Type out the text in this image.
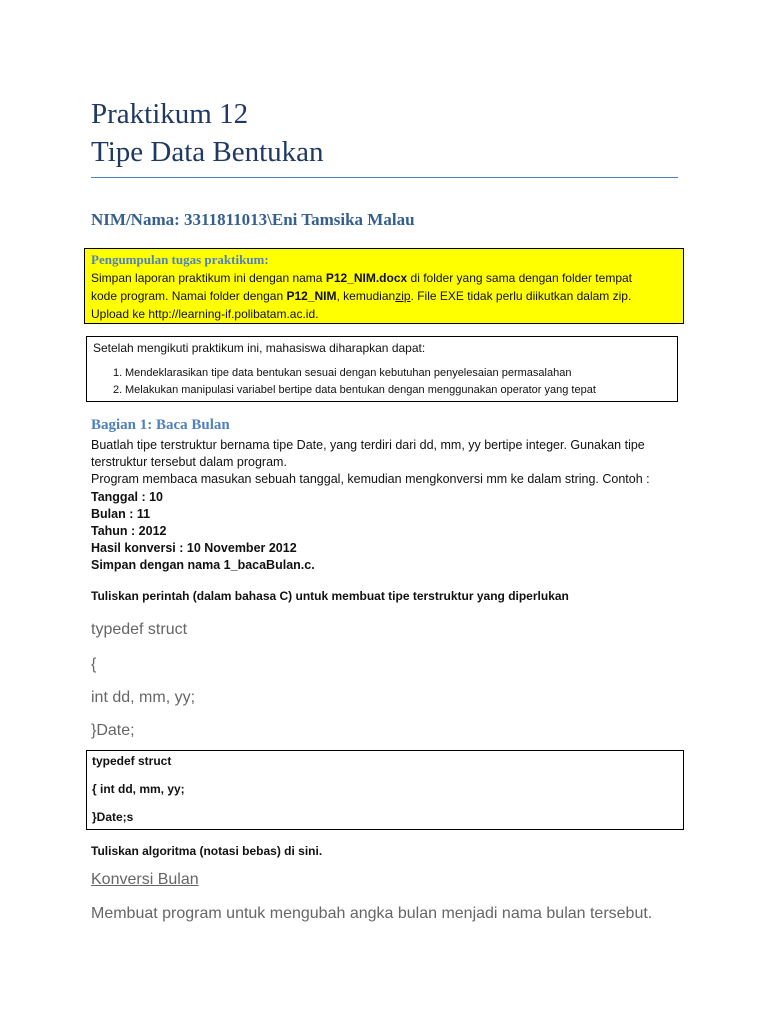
Praktikum 12
Tipe Data Bentukan
NIM/Nama: 3311811013\Eni Tamsika Malau
Pengumpulan tugas praktikum:
Simpan laporan praktikum ini dengan nama P12_NIM.docx di folder yang sama dengan folder tempat
kode program. Namai folder dengan P12_NIM, kemudianzip. File EXE tidak perlu diikutkan dalam zip.
Upload ke http://learning-if.polibatam.ac.id.
Setelah mengikuti praktikum ini, mahasiswa diharapkan dapat:
1. Mendeklarasikan tipe data bentukan sesuai dengan kebutuhan penyelesaian permasalahan
2. Melakukan manipulasi variabel bertipe data bentukan dengan menggunakan operator yang tepat
Bagian 1: Baca Bulan
Buatlah tipe terstruktur bernama tipe Date, yang terdiri dari dd, mm, yy bertipe integer. Gunakan tipe
terstruktur tersebut dalam program.
Program membaca masukan sebuah tanggal, kemudian mengkonversi mm ke dalam string. Contoh :
Tanggal : 10
Bulan : 11
Tahun : 2012
Hasil konversi : 10 November 2012
Simpan dengan nama 1_bacaBulan.c.
Tuliskan perintah (dalam bahasa C) untuk membuat tipe terstruktur yang diperlukan
typedef struct
{
int dd, mm, yy;
}Date;
typedef struct
{ int dd, mm, yy;
}Date;s
Tuliskan algoritma (notasi bebas) di sini.
Konversi Bulan
Membuat program untuk mengubah angka bulan menjadi nama bulan tersebut.
